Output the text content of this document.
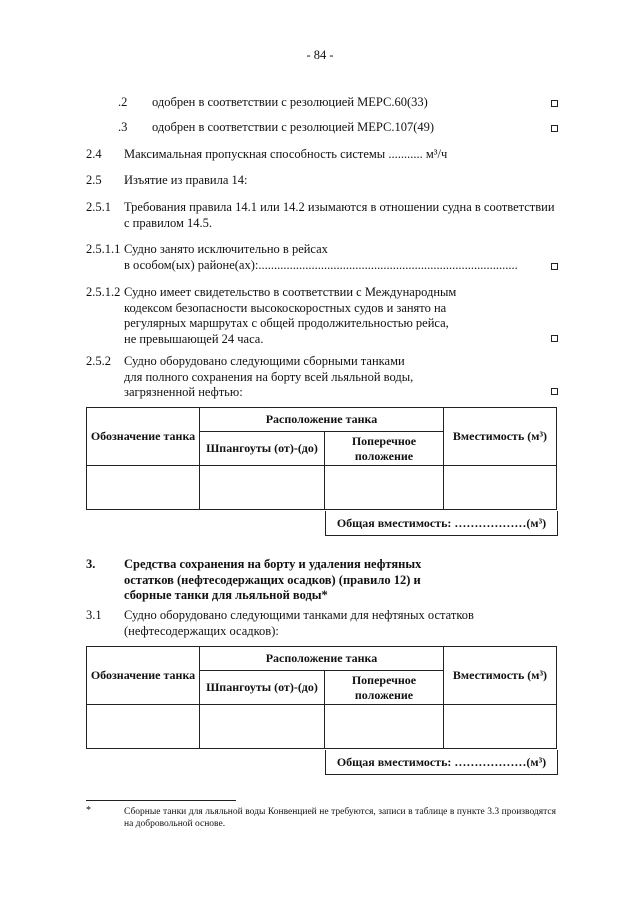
- 84 -
.2 одобрен в соответствии с резолюцией МЕРС.60(33)
.3 одобрен в соответствии с резолюцией МЕРС.107(49)
2.4 Максимальная пропускная способность системы ........... м³/ч
2.5 Изъятие из правила 14:
2.5.1 Требования правила 14.1 или 14.2 изымаются в отношении судна в соответствии с правилом 14.5.
2.5.1.1 Судно занято исключительно в рейсах
в особом(ых) районе(ах):...................................................................................
2.5.1.2 Судно имеет свидетельство в соответствии с Международным кодексом безопасности высокоскоростных судов и занято на регулярных маршрутах с общей продолжительностью рейса, не превышающей 24 часа.
2.5.2 Судно оборудовано следующими сборными танками для полного сохранения на борту всей льяльной воды, загрязненной нефтью:
Обозначение танка	Расположение танка		Вместимость (м³)
	Шпангоуты (от)-(до)	Поперечное положение	

Общая вместимость: ………………(м³)
3. Средства сохранения на борту и удаления нефтяных остатков (нефтесодержащих осадков) (правило 12) и сборные танки для льяльной воды*
3.1 Судно оборудовано следующими танками для нефтяных остатков (нефтесодержащих осадков):
Обозначение танка	Расположение танка		Вместимость (м³)
	Шпангоуты (от)-(до)	Поперечное положение	

Общая вместимость: ………………(м³)
*	Сборные танки для льяльной воды Конвенцией не требуются, записи в таблице в пункте 3.3 производятся на добровольной основе.
